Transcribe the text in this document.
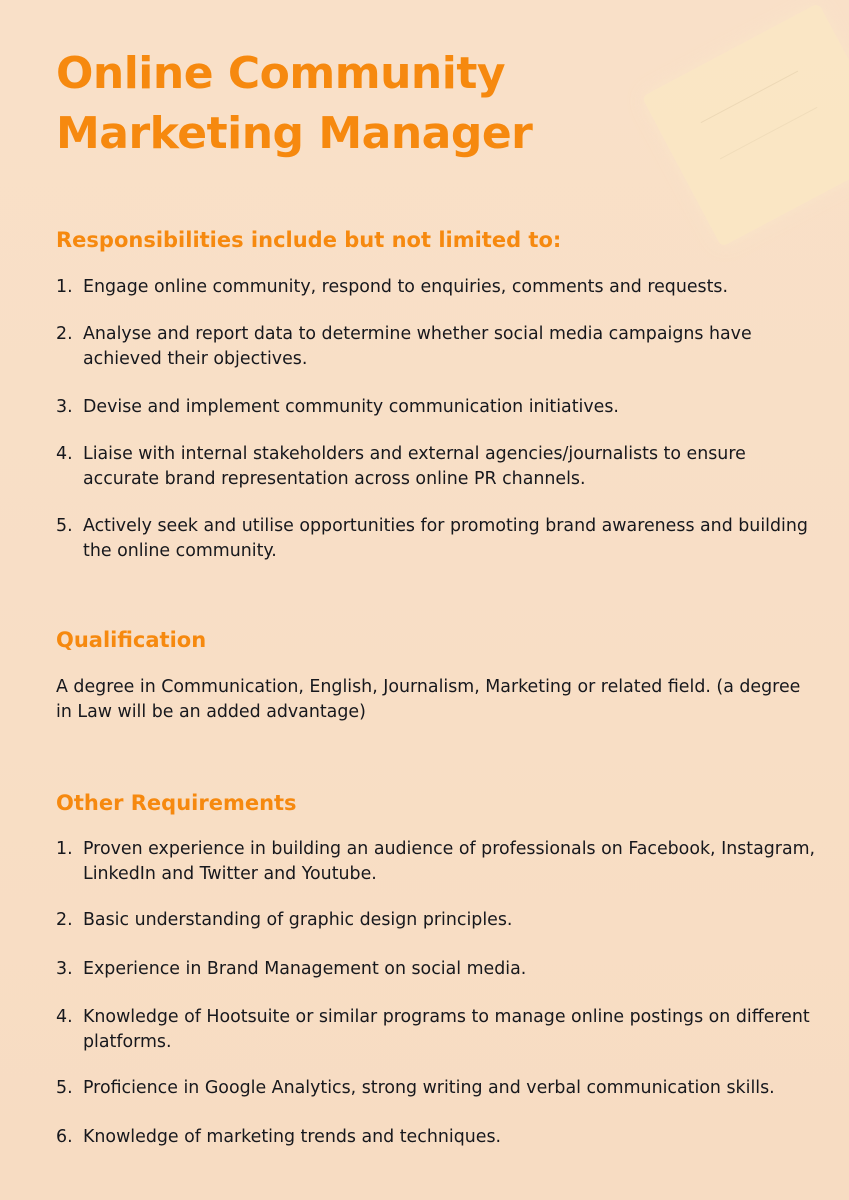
Online Community
Marketing Manager
Responsibilities include but not limited to:
1. Engage online community, respond to enquiries, comments and requests.
2. Analyse and report data to determine whether social media campaigns have achieved their objectives.
3. Devise and implement community communication initiatives.
4. Liaise with internal stakeholders and external agencies/journalists to ensure accurate brand representation across online PR channels.
5. Actively seek and utilise opportunities for promoting brand awareness and building the online community.
Qualification

A degree in Communication, English, Journalism, Marketing or related field. (a degree in Law will be an added advantage)

Other Requirements
1. Proven experience in building an audience of professionals on Facebook, Instagram, LinkedIn and Twitter and Youtube.
2. Basic understanding of graphic design principles.
3. Experience in Brand Management on social media.
4. Knowledge of Hootsuite or similar programs to manage online postings on different platforms.
5. Proficience in Google Analytics, strong writing and verbal communication skills.
6. Knowledge of marketing trends and techniques.
